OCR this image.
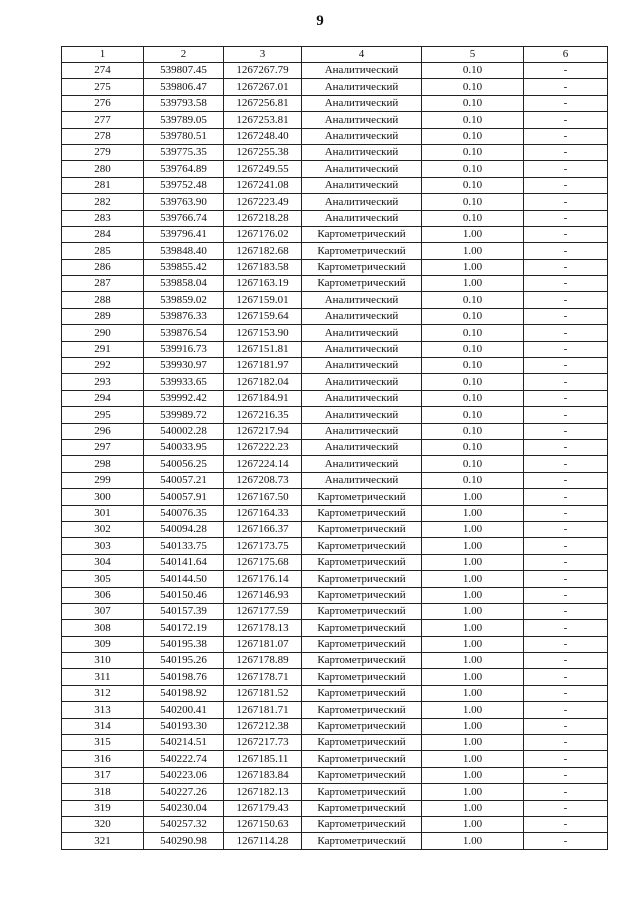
9
1	2	3	4	5	6
274	539807.45	1267267.79	Аналитический	0.10	-
275	539806.47	1267267.01	Аналитический	0.10	-
276	539793.58	1267256.81	Аналитический	0.10	-
277	539789.05	1267253.81	Аналитический	0.10	-
278	539780.51	1267248.40	Аналитический	0.10	-
279	539775.35	1267255.38	Аналитический	0.10	-
280	539764.89	1267249.55	Аналитический	0.10	-
281	539752.48	1267241.08	Аналитический	0.10	-
282	539763.90	1267223.49	Аналитический	0.10	-
283	539766.74	1267218.28	Аналитический	0.10	-
284	539796.41	1267176.02	Картометрический	1.00	-
285	539848.40	1267182.68	Картометрический	1.00	-
286	539855.42	1267183.58	Картометрический	1.00	-
287	539858.04	1267163.19	Картометрический	1.00	-
288	539859.02	1267159.01	Аналитический	0.10	-
289	539876.33	1267159.64	Аналитический	0.10	-
290	539876.54	1267153.90	Аналитический	0.10	-
291	539916.73	1267151.81	Аналитический	0.10	-
292	539930.97	1267181.97	Аналитический	0.10	-
293	539933.65	1267182.04	Аналитический	0.10	-
294	539992.42	1267184.91	Аналитический	0.10	-
295	539989.72	1267216.35	Аналитический	0.10	-
296	540002.28	1267217.94	Аналитический	0.10	-
297	540033.95	1267222.23	Аналитический	0.10	-
298	540056.25	1267224.14	Аналитический	0.10	-
299	540057.21	1267208.73	Аналитический	0.10	-
300	540057.91	1267167.50	Картометрический	1.00	-
301	540076.35	1267164.33	Картометрический	1.00	-
302	540094.28	1267166.37	Картометрический	1.00	-
303	540133.75	1267173.75	Картометрический	1.00	-
304	540141.64	1267175.68	Картометрический	1.00	-
305	540144.50	1267176.14	Картометрический	1.00	-
306	540150.46	1267146.93	Картометрический	1.00	-
307	540157.39	1267177.59	Картометрический	1.00	-
308	540172.19	1267178.13	Картометрический	1.00	-
309	540195.38	1267181.07	Картометрический	1.00	-
310	540195.26	1267178.89	Картометрический	1.00	-
311	540198.76	1267178.71	Картометрический	1.00	-
312	540198.92	1267181.52	Картометрический	1.00	-
313	540200.41	1267181.71	Картометрический	1.00	-
314	540193.30	1267212.38	Картометрический	1.00	-
315	540214.51	1267217.73	Картометрический	1.00	-
316	540222.74	1267185.11	Картометрический	1.00	-
317	540223.06	1267183.84	Картометрический	1.00	-
318	540227.26	1267182.13	Картометрический	1.00	-
319	540230.04	1267179.43	Картометрический	1.00	-
320	540257.32	1267150.63	Картометрический	1.00	-
321	540290.98	1267114.28	Картометрический	1.00	-
